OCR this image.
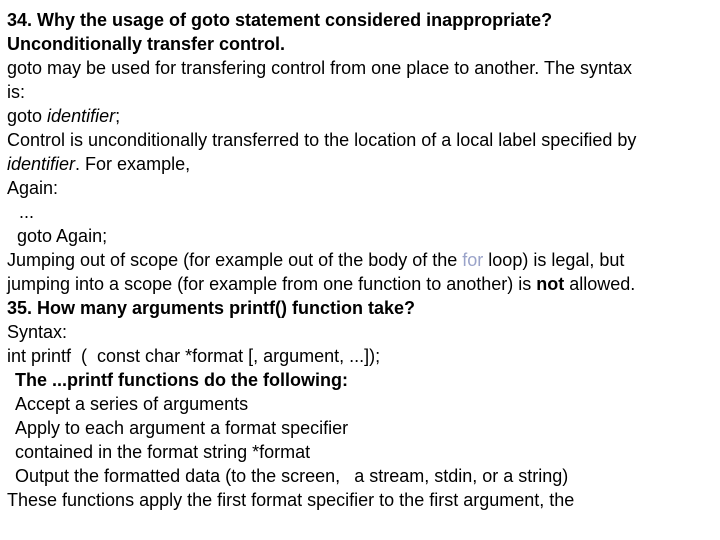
34. Why the usage of goto statement considered inappropriate?
Unconditionally transfer control.
goto may be used for transfering control from one place to another. The syntax
is:
goto identifier;
Control is unconditionally transferred to the location of a local label specified by
identifier. For example,
Again:
...
goto Again;
Jumping out of scope (for example out of the body of the for loop) is legal, but
jumping into a scope (for example from one function to another) is not allowed.
35. How many arguments printf() function take?
Syntax:
int printf  (  const char *format [, argument, ...]);
The ...printf functions do the following:
Accept a series of arguments
Apply to each argument a format specifier
contained in the format string *format
Output the formatted data (to the screen, a stream, stdin, or a string)
These functions apply the first format specifier to the first argument, the
